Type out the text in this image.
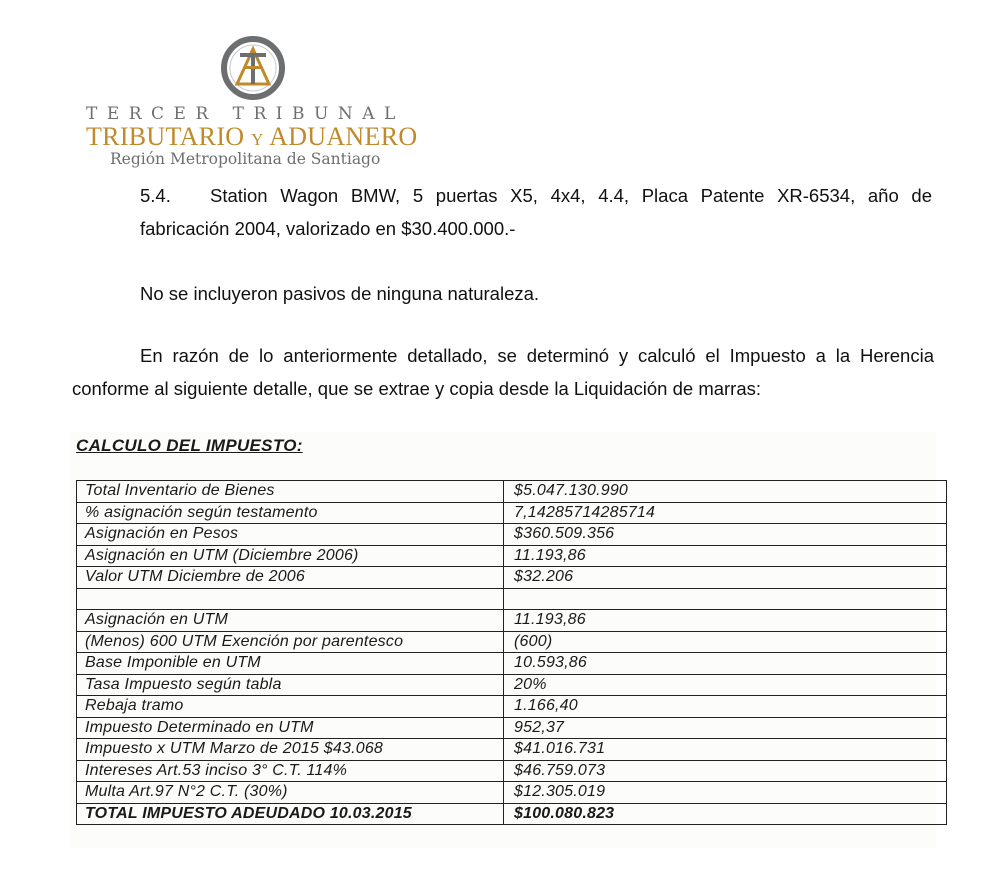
TERCER TRIBUNAL
TRIBUTARIO Y ADUANERO
Región Metropolitana de Santiago
5.4. Station Wagon BMW, 5 puertas X5, 4x4, 4.4, Placa Patente XR-6534, año de
fabricación 2004, valorizado en $30.400.000.-
No se incluyeron pasivos de ninguna naturaleza.
En razón de lo anteriormente detallado, se determinó y calculó el Impuesto a la Herencia
conforme al siguiente detalle, que se extrae y copia desde la Liquidación de marras:
CALCULO DEL IMPUESTO:
Total Inventario de Bienes	$5.047.130.990
% asignación según testamento	7,14285714285714
Asignación en Pesos	$360.509.356
Asignación en UTM (Diciembre 2006)	11.193,86
Valor UTM Diciembre de 2006	$32.206

Asignación en UTM	11.193,86
(Menos) 600 UTM Exención por parentesco	(600)
Base Imponible en UTM	10.593,86
Tasa Impuesto según tabla	20%
Rebaja tramo	1.166,40
Impuesto Determinado en UTM	952,37
Impuesto x UTM Marzo de 2015 $43.068	$41.016.731
Intereses Art.53 inciso 3° C.T. 114%	$46.759.073
Multa Art.97 N°2 C.T. (30%)	$12.305.019
TOTAL IMPUESTO ADEUDADO 10.03.2015	$100.080.823
